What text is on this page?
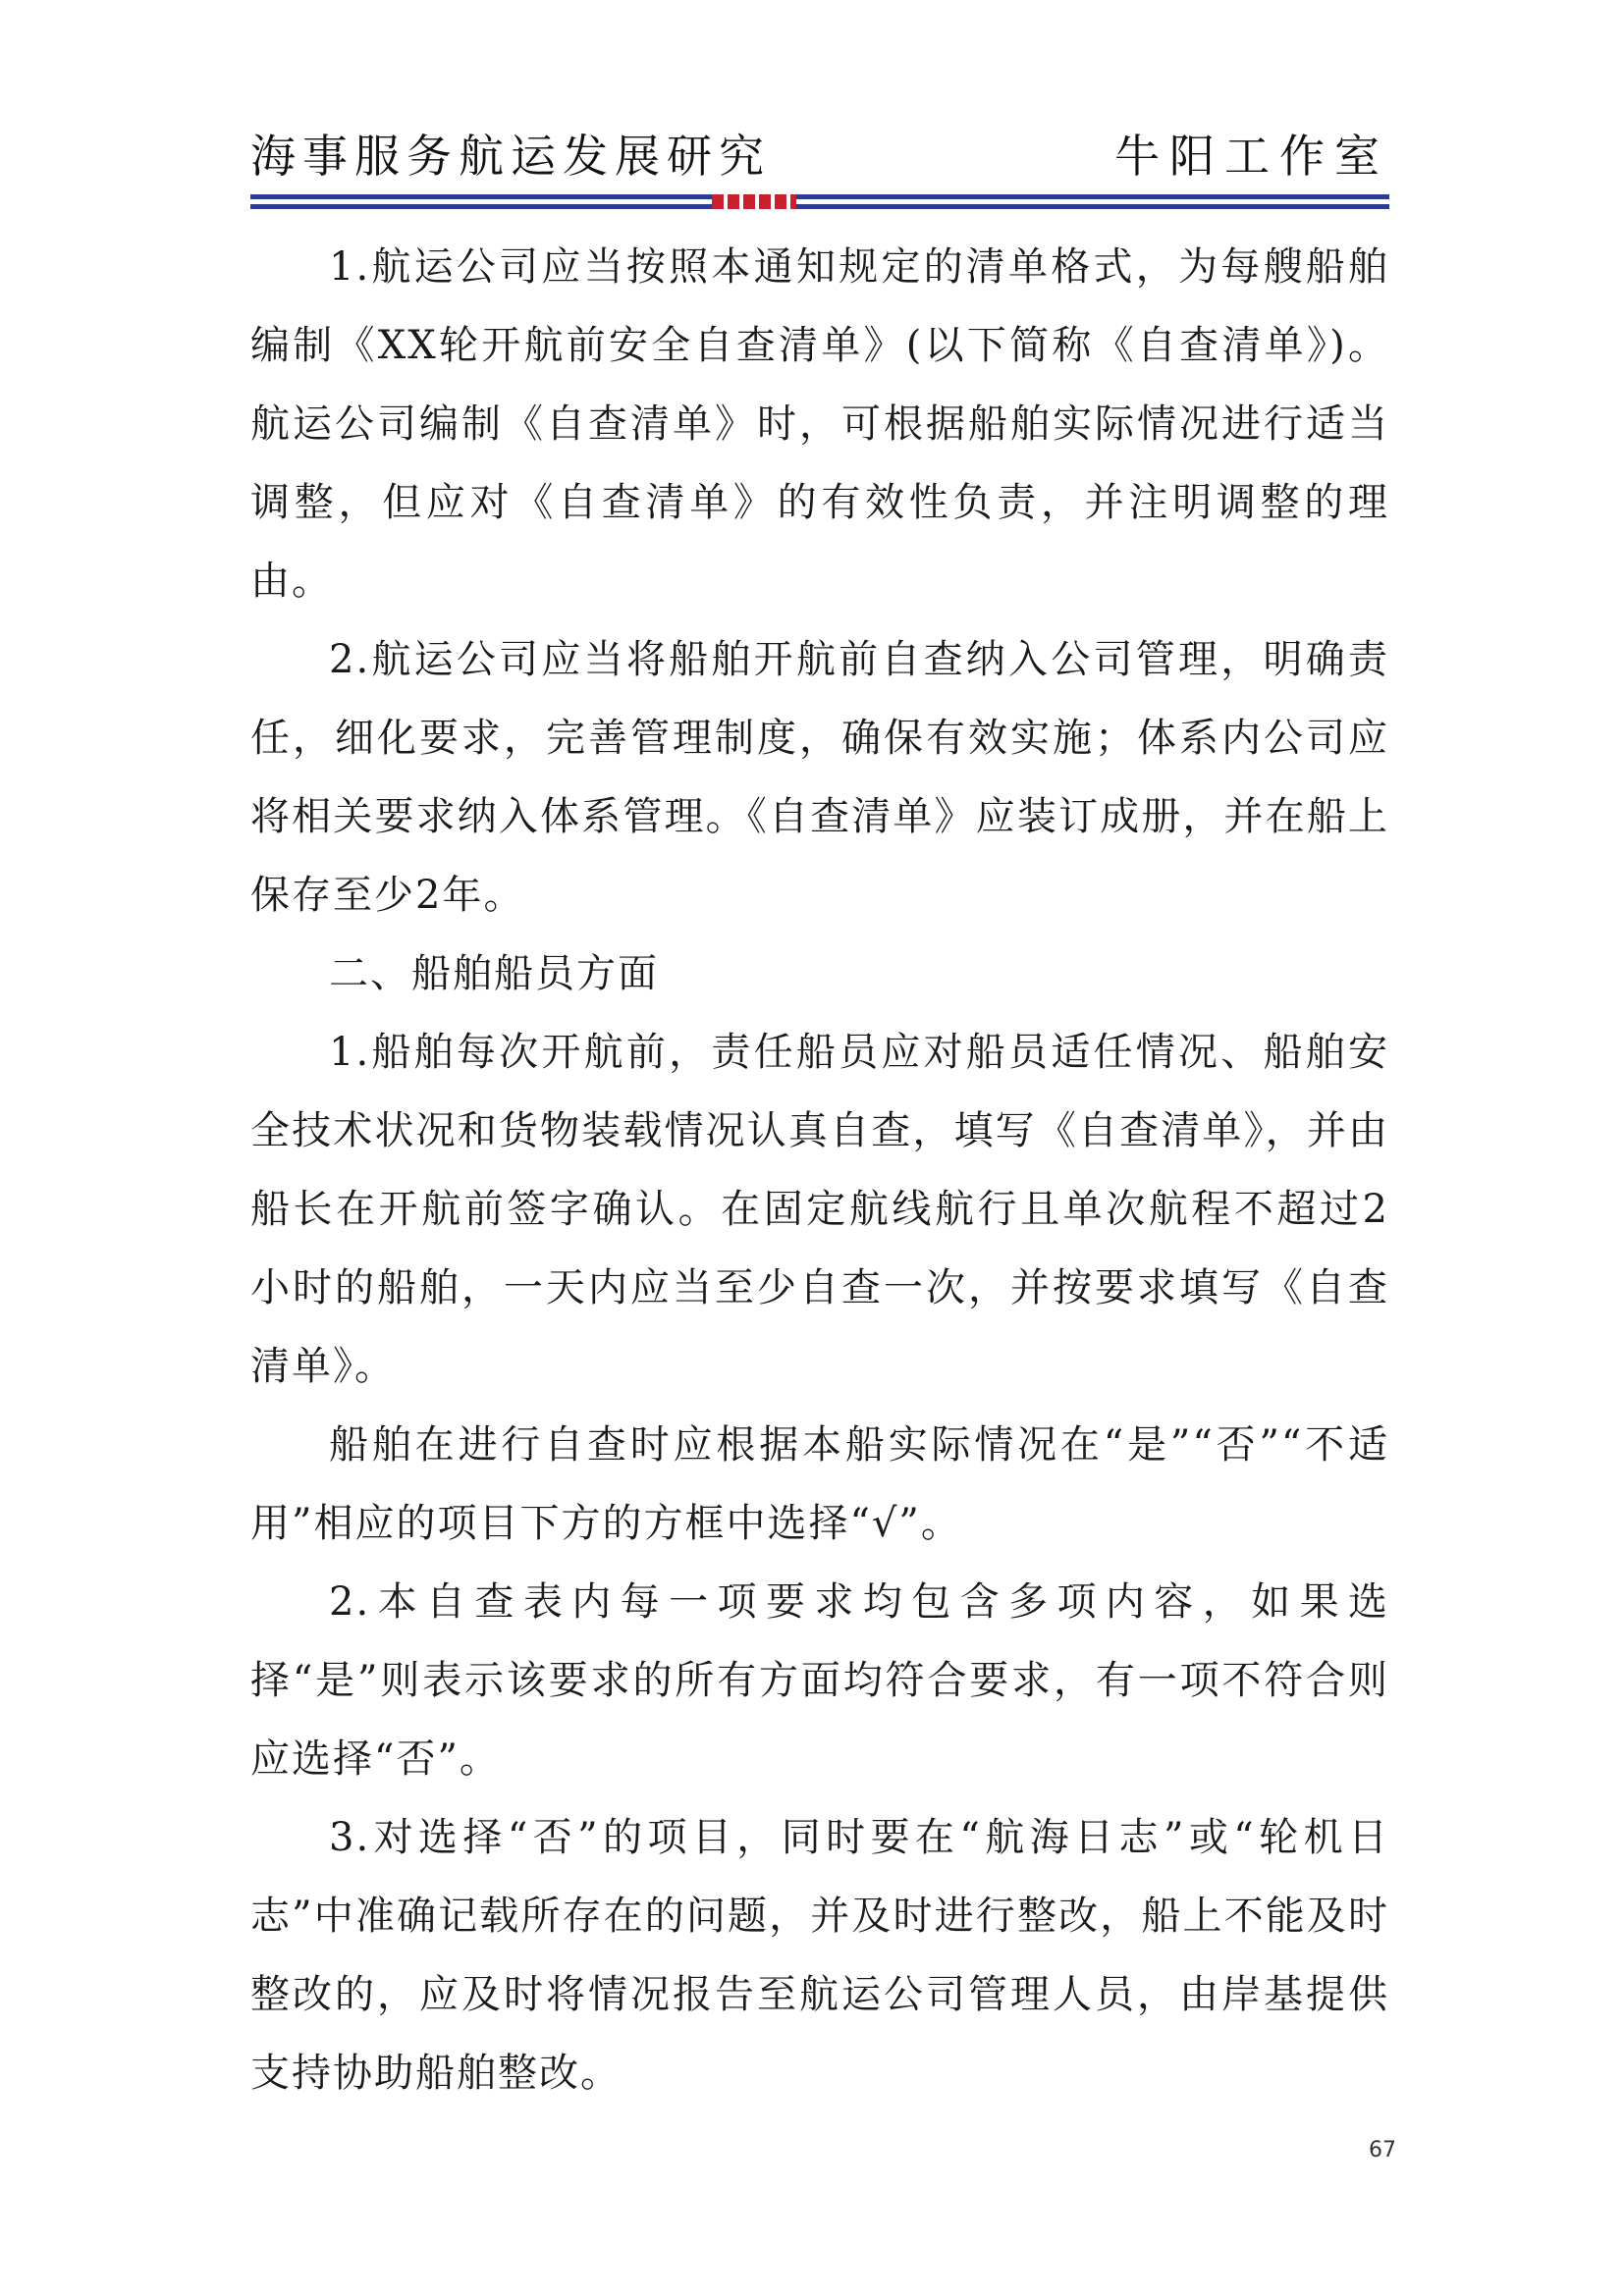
海事服务航运发展研究	牛阳工作室

1.航运公司应当按照本通知规定的清单格式，为每艘船舶编制《XX轮开航前安全自查清单》(以下简称《自查清单》)。航运公司编制《自查清单》时，可根据船舶实际情况进行适当调整，但应对《自查清单》的有效性负责，并注明调整的理由。

2.航运公司应当将船舶开航前自查纳入公司管理，明确责任，细化要求，完善管理制度，确保有效实施；体系内公司应将相关要求纳入体系管理。《自查清单》应装订成册，并在船上保存至少2年。

二、船舶船员方面

1.船舶每次开航前，责任船员应对船员适任情况、船舶安全技术状况和货物装载情况认真自查，填写《自查清单》，并由船长在开航前签字确认。在固定航线航行且单次航程不超过2小时的船舶，一天内应当至少自查一次，并按要求填写《自查清单》。

船舶在进行自查时应根据本船实际情况在“是”“否”“不适用”相应的项目下方的方框中选择“√”。

2.本自查表内每一项要求均包含多项内容，如果选择“是”则表示该要求的所有方面均符合要求，有一项不符合则应选择“否”。

3.对选择“否”的项目，同时要在“航海日志”或“轮机日志”中准确记载所存在的问题，并及时进行整改，船上不能及时整改的，应及时将情况报告至航运公司管理人员，由岸基提供支持协助船舶整改。

67
